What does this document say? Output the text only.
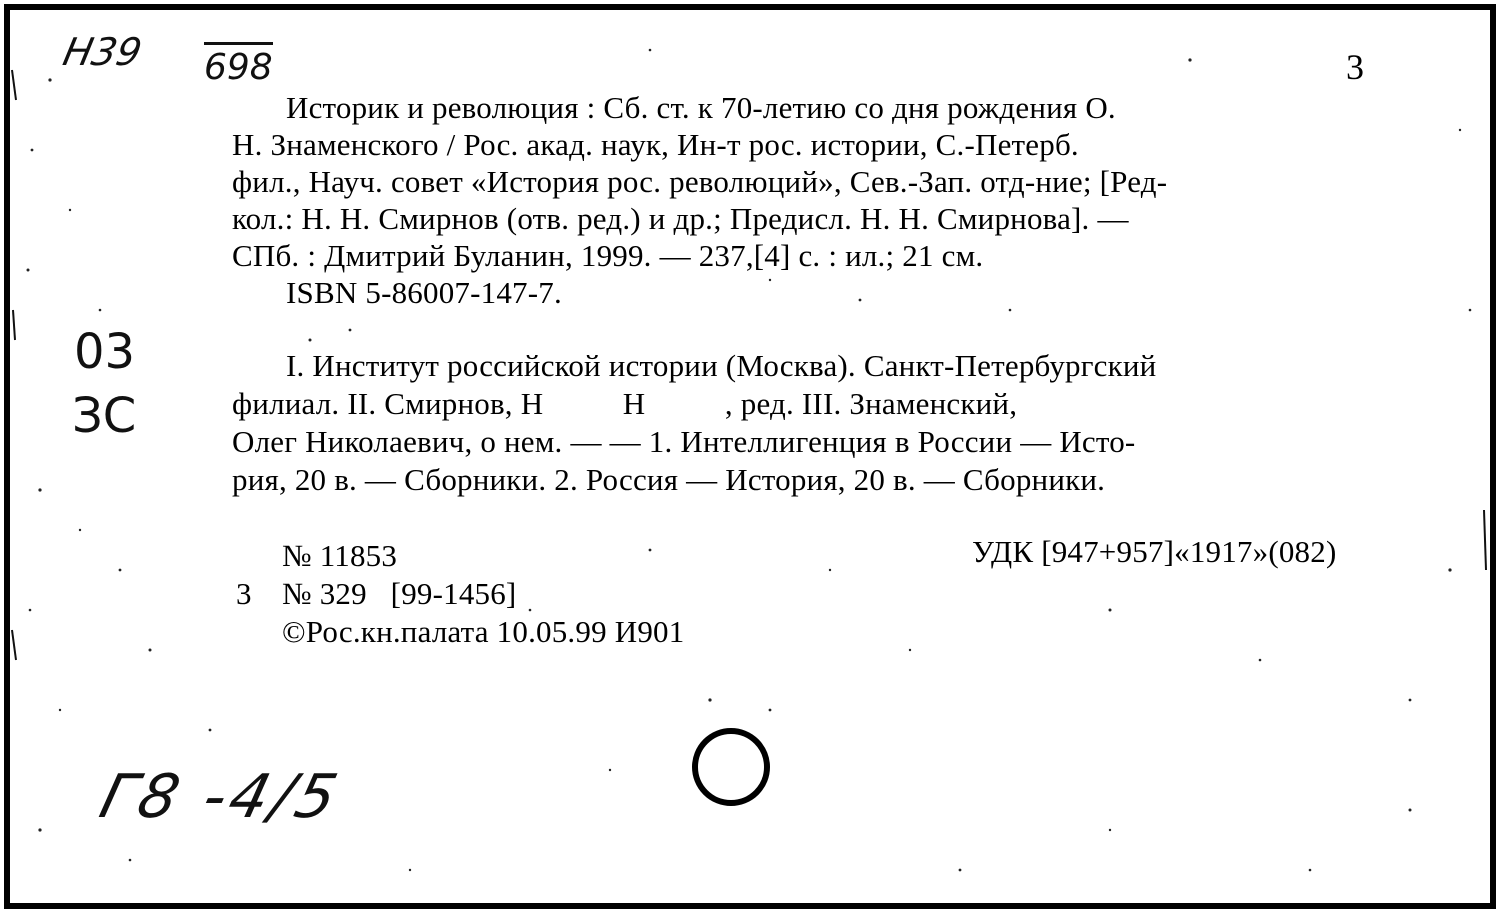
Н39 698
03
ЗС
Г8 -4/5
3
Историк и революция : Сб. ст. к 70-летию со дня рождения О.
Н. Знаменского / Рос. акад. наук, Ин-т рос. истории, С.-Петерб.
фил., Науч. совет «История рос. революций», Сев.-Зап. отд-ние; [Ред-
кол.: Н. Н. Смирнов (отв. ред.) и др.; Предисл. Н. Н. Смирнова]. —
СПб. : Дмитрий Буланин, 1999. — 237,[4] с. : ил.; 21 см.
ISBN 5-86007-147-7.
I. Институт российской истории (Москва). Санкт-Петербургский
филиал. II. Смирнов, Н          Н          , ред. III. Знаменский,
Олег Николаевич, о нем. — — 1. Интеллигенция в России — Исто-
рия, 20 в. — Сборники. 2. Россия — История, 20 в. — Сборники.
№ 11853	УДК [947+957]«1917»(082)
3 № 329   [99-1456]
©Рос.кн.палата 10.05.99 И901
